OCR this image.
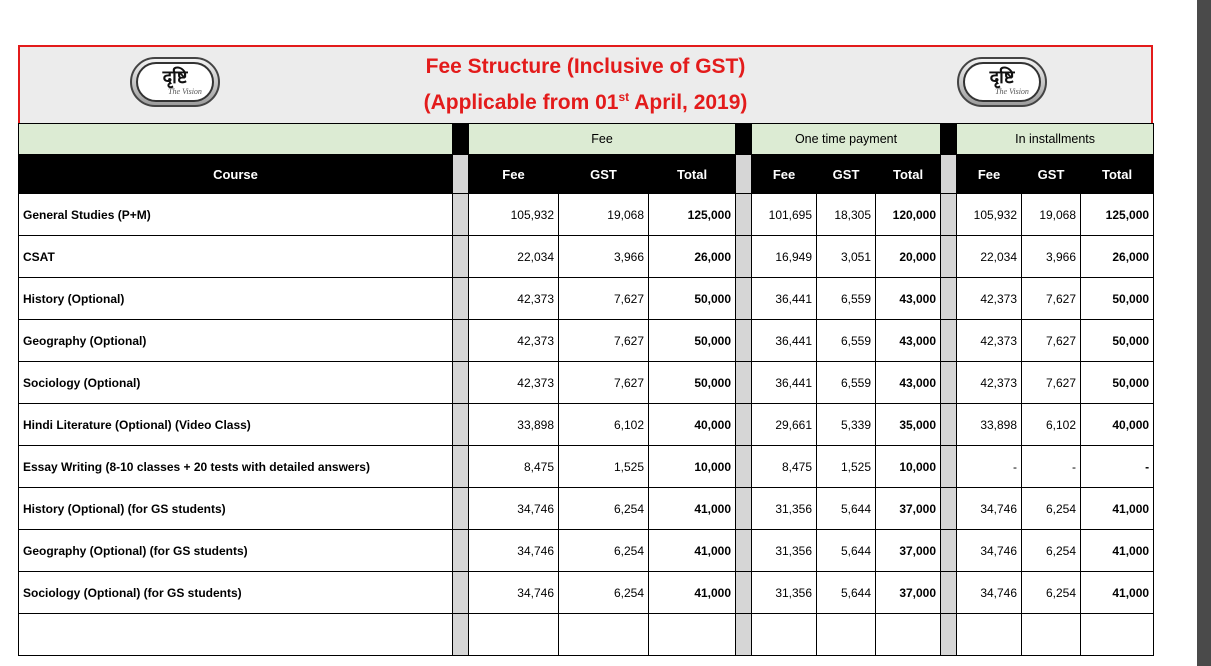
दृष्टि
The Vision
Fee Structure (Inclusive of GST)
(Applicable from 01st April, 2019)
दृष्टि
The Vision
		Fee				One time payment				In installments		
Course		Fee	GST	Total		Fee	GST	Total		Fee	GST	Total
General Studies (P+M)		105,932	19,068	125,000		101,695	18,305	120,000		105,932	19,068	125,000
CSAT		22,034	3,966	26,000		16,949	3,051	20,000		22,034	3,966	26,000
History (Optional)		42,373	7,627	50,000		36,441	6,559	43,000		42,373	7,627	50,000
Geography (Optional)		42,373	7,627	50,000		36,441	6,559	43,000		42,373	7,627	50,000
Sociology (Optional)		42,373	7,627	50,000		36,441	6,559	43,000		42,373	7,627	50,000
Hindi Literature (Optional) (Video Class)		33,898	6,102	40,000		29,661	5,339	35,000		33,898	6,102	40,000
Essay Writing (8-10 classes + 20 tests with detailed answers)		8,475	1,525	10,000		8,475	1,525	10,000		-	-	-
History (Optional) (for GS students)		34,746	6,254	41,000		31,356	5,644	37,000		34,746	6,254	41,000
Geography (Optional) (for GS students)		34,746	6,254	41,000		31,356	5,644	37,000		34,746	6,254	41,000
Sociology (Optional) (for GS students)		34,746	6,254	41,000		31,356	5,644	37,000		34,746	6,254	41,000
